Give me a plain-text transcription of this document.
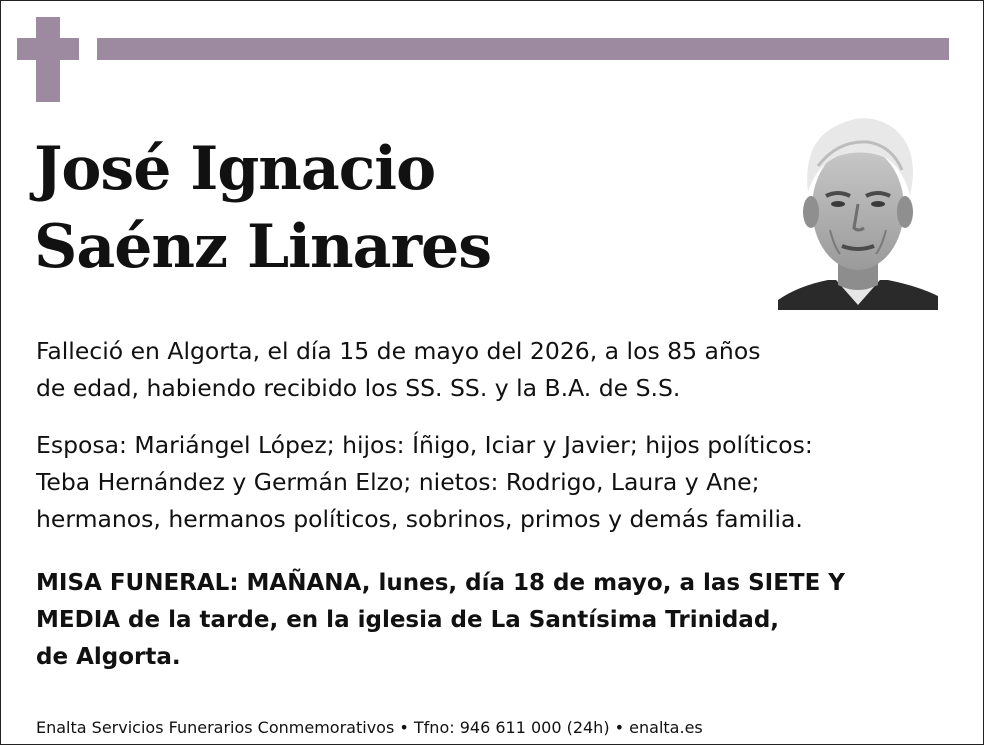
José Ignacio
Saénz Linares

Falleció en Algorta, el día 15 de mayo del 2026, a los 85 años
de edad, habiendo recibido los SS. SS. y la B.A. de S.S.

Esposa: Mariángel López; hijos: Íñigo, Iciar y Javier; hijos políticos:
Teba Hernández y Germán Elzo; nietos: Rodrigo, Laura y Ane;
hermanos, hermanos políticos, sobrinos, primos y demás familia.

MISA FUNERAL: MAÑANA, lunes, día 18 de mayo, a las SIETE Y
MEDIA de la tarde, en la iglesia de La Santísima Trinidad,
de Algorta.

Enalta Servicios Funerarios Conmemorativos • Tfno: 946 611 000 (24h) • enalta.es
